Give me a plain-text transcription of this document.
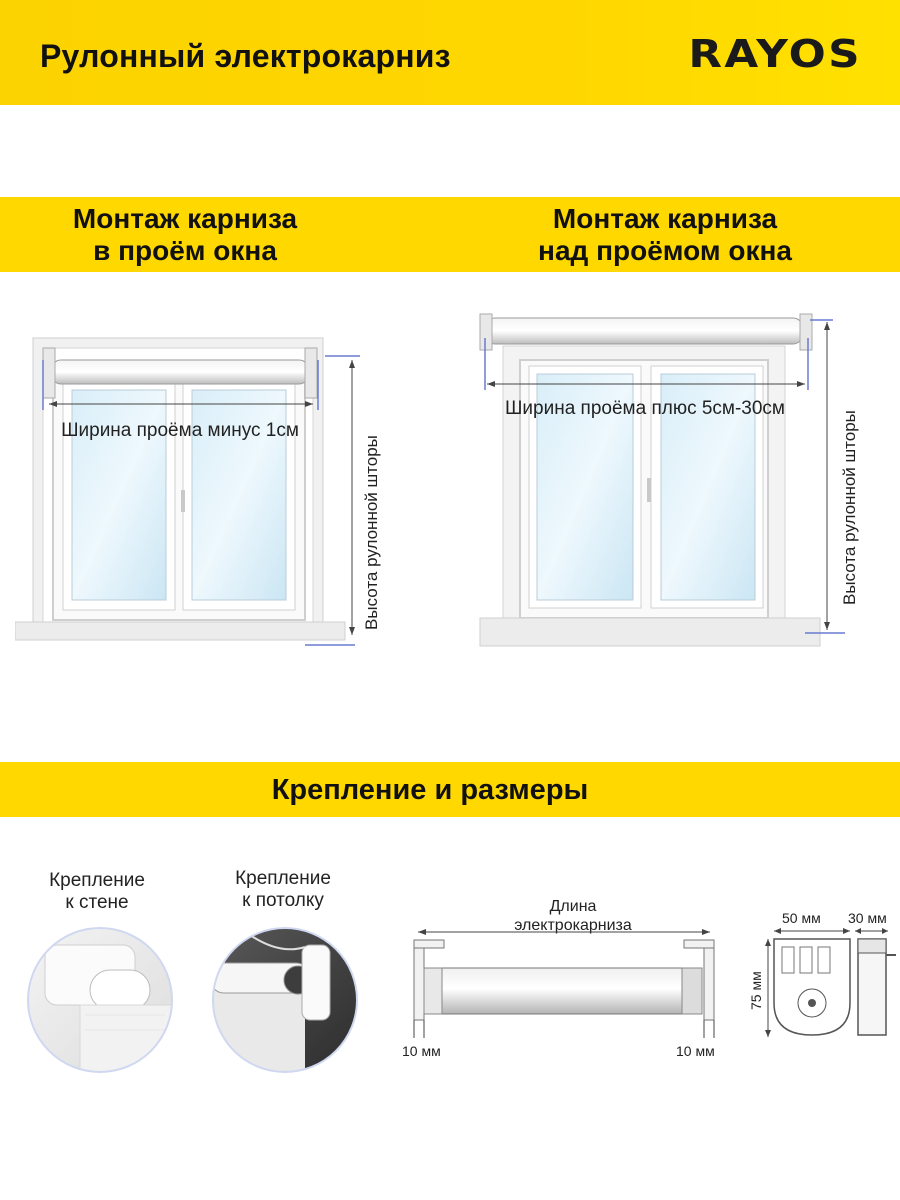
Рулонный электрокарниз	RAYOS
Монтаж карниза
в проём окна
Монтаж карниза
над проёмом окна
Ширина проёма минус 1см
Высота рулонной шторы
Ширина проёма плюс 5см-30см
Высота рулонной шторы
Крепление и размеры
Крепление
к стене
Крепление
к потолку	Длина
электрокарниза
10 мм	10 мм
50 мм 30 мм
75 мм
